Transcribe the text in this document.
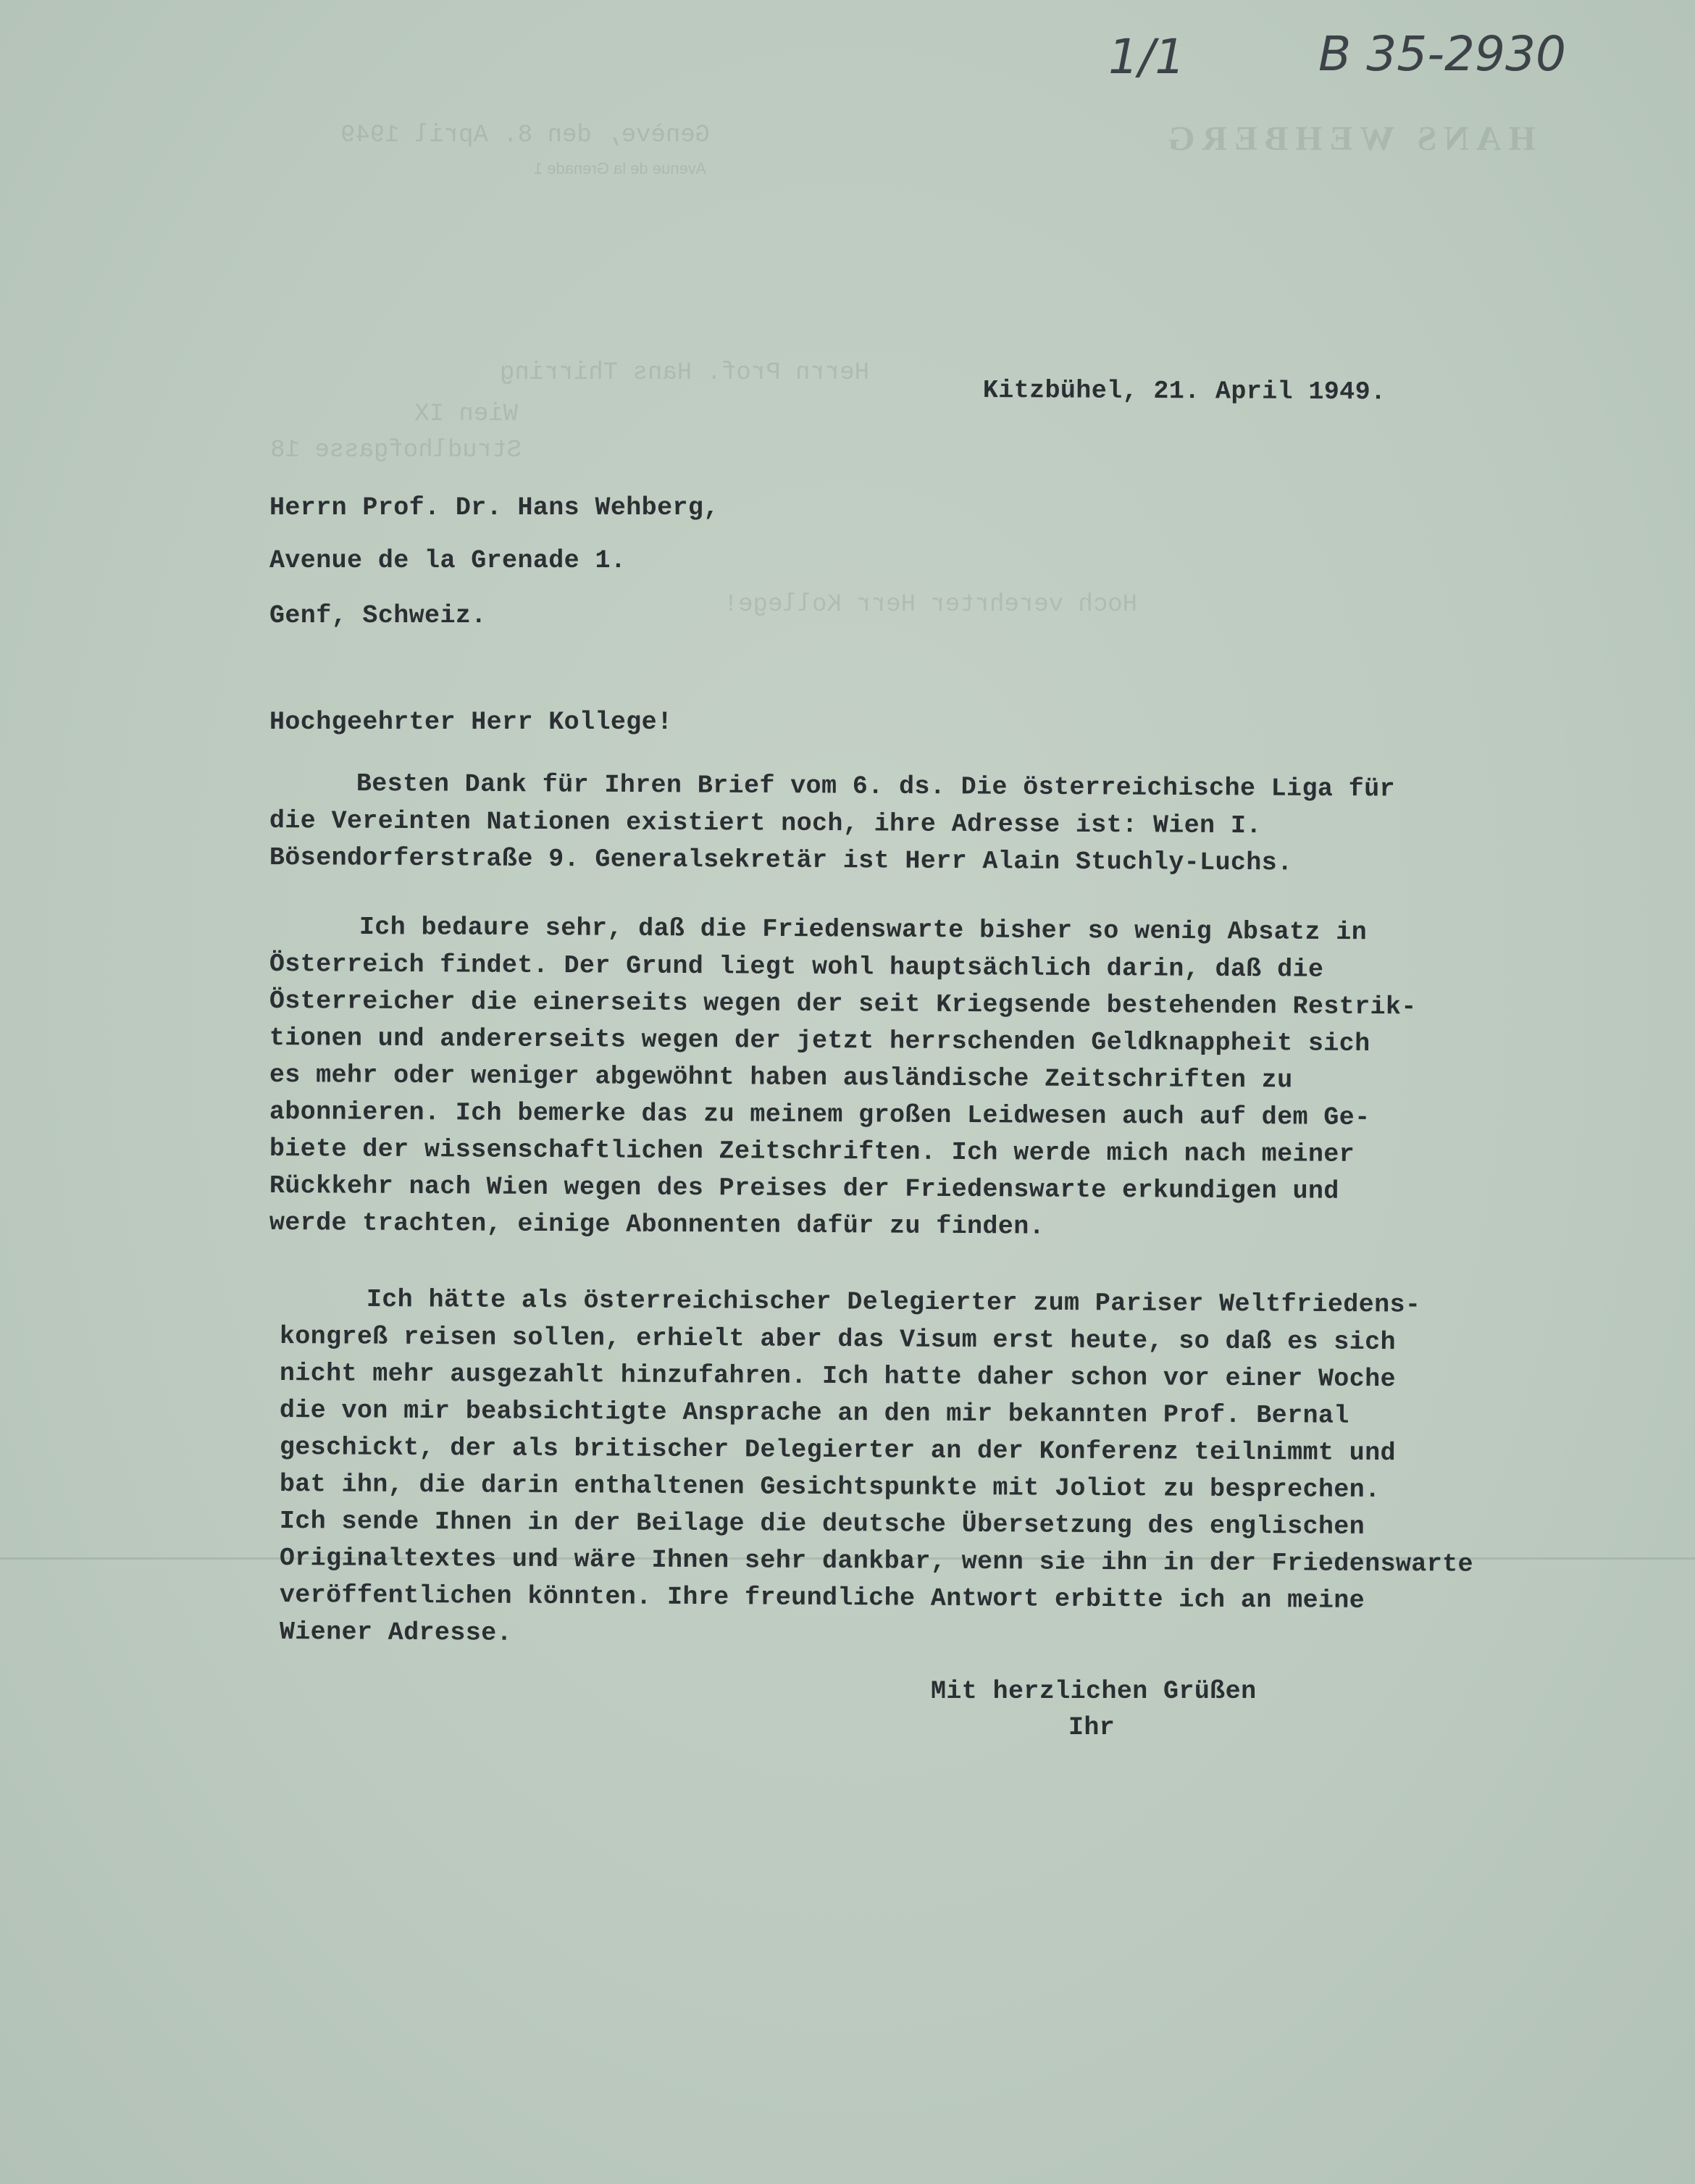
1/1	B 35-2930
HANS WEHBERG
Genève, den 8. April 1949
Avenue de la Grenade 1
Herrn Prof. Hans Thirring
Wien IX
Strudlhofgasse 18
Hoch verehrter Herr Kollege!
Kitzbühel, 21. April 1949.
Herrn Prof. Dr. Hans Wehberg,
Avenue de la Grenade 1.
Genf, Schweiz.
Hochgeehrter Herr Kollege!
Besten Dank für Ihren Brief vom 6. ds. Die österreichische Liga für
die Vereinten Nationen existiert noch, ihre Adresse ist: Wien I.
Bösendorferstraße 9. Generalsekretär ist Herr Alain Stuchly-Luchs.
Ich bedaure sehr, daß die Friedenswarte bisher so wenig Absatz in
Österreich findet. Der Grund liegt wohl hauptsächlich darin, daß die
Österreicher die einerseits wegen der seit Kriegsende bestehenden Restrik-
tionen und andererseits wegen der jetzt herrschenden Geldknappheit sich
es mehr oder weniger abgewöhnt haben ausländische Zeitschriften zu
abonnieren. Ich bemerke das zu meinem großen Leidwesen auch auf dem Ge-
biete der wissenschaftlichen Zeitschriften. Ich werde mich nach meiner
Rückkehr nach Wien wegen des Preises der Friedenswarte erkundigen und
werde trachten, einige Abonnenten dafür zu finden.
Ich hätte als österreichischer Delegierter zum Pariser Weltfriedens-
kongreß reisen sollen, erhielt aber das Visum erst heute, so daß es sich
nicht mehr ausgezahlt hinzufahren. Ich hatte daher schon vor einer Woche
die von mir beabsichtigte Ansprache an den mir bekannten Prof. Bernal
geschickt, der als britischer Delegierter an der Konferenz teilnimmt und
bat ihn, die darin enthaltenen Gesichtspunkte mit Joliot zu besprechen.
Ich sende Ihnen in der Beilage die deutsche Übersetzung des englischen
Originaltextes und wäre Ihnen sehr dankbar, wenn sie ihn in der Friedenswarte
veröffentlichen könnten. Ihre freundliche Antwort erbitte ich an meine
Wiener Adresse.
Mit herzlichen Grüßen
Ihr
